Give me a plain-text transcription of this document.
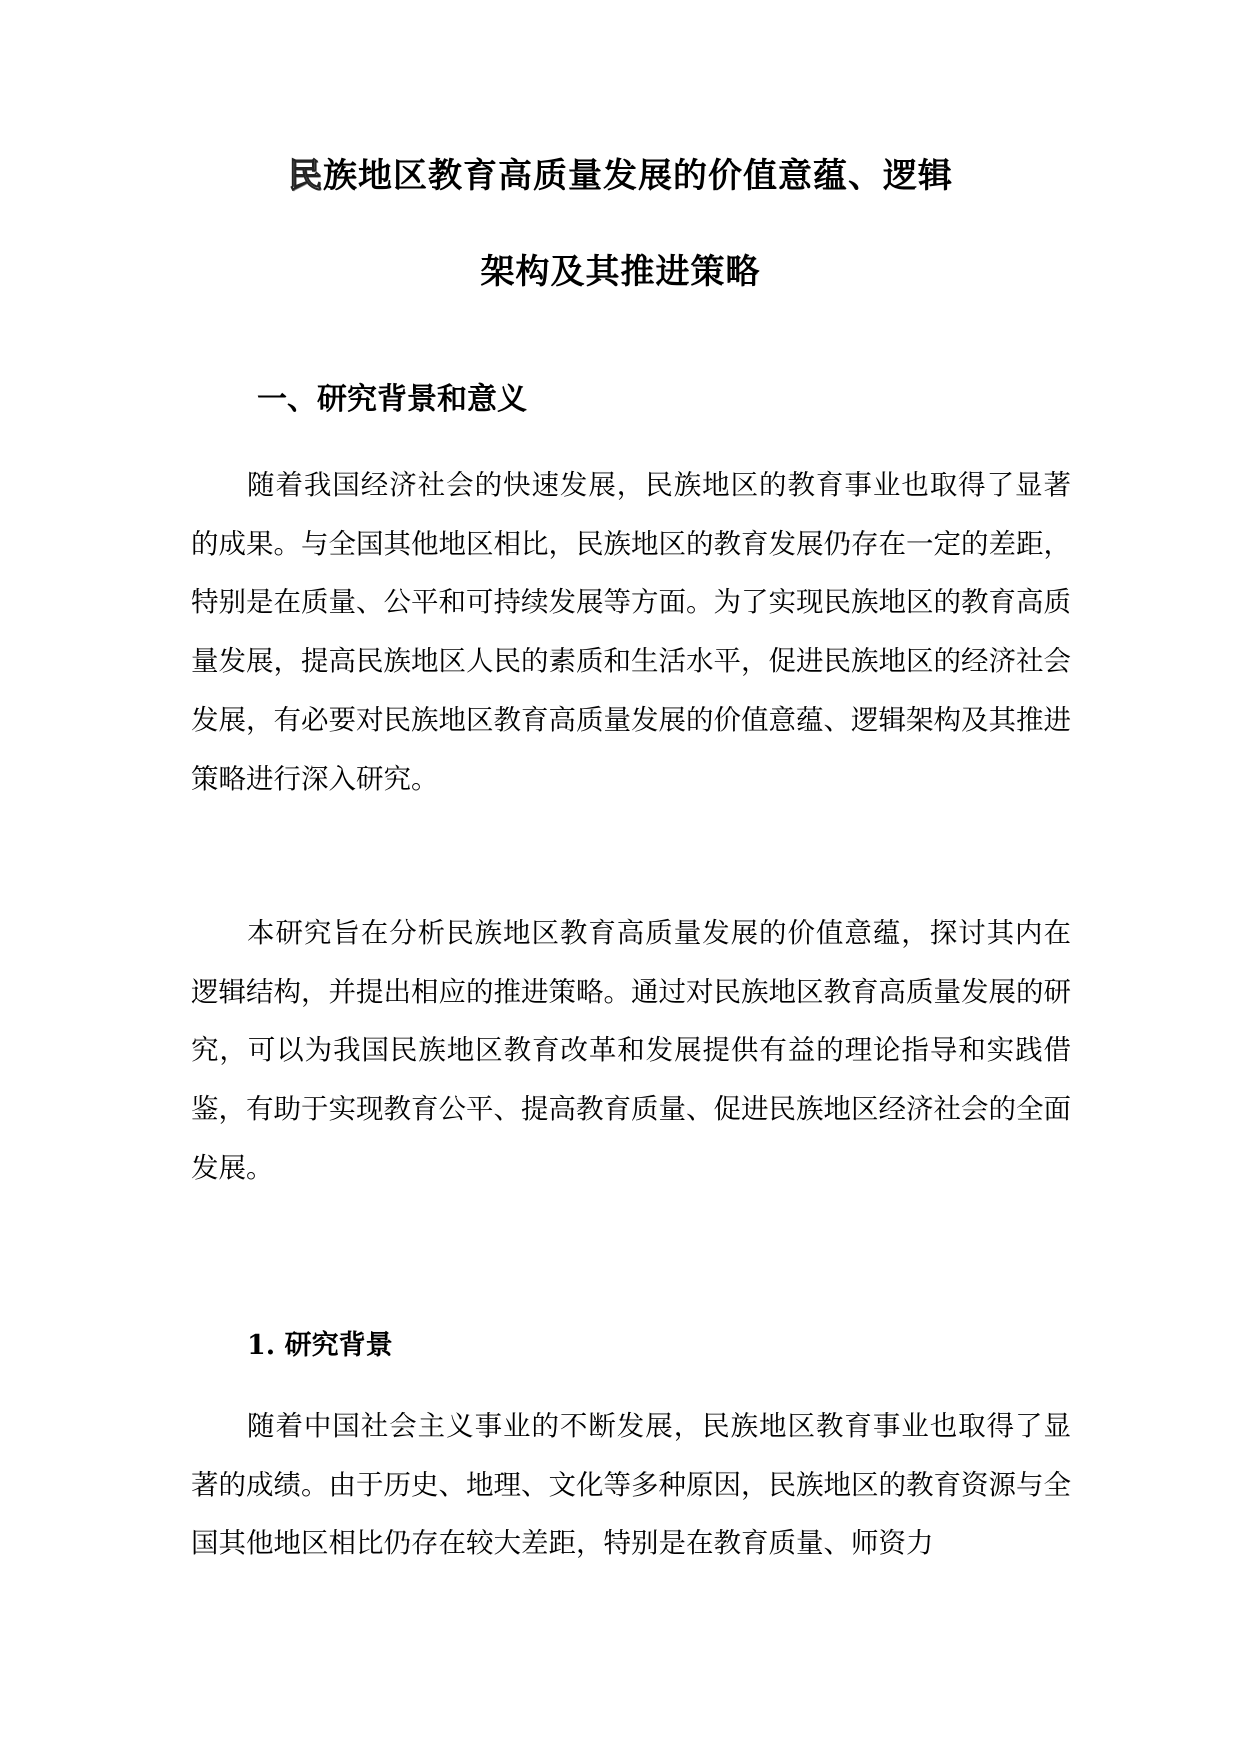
民族地区教育高质量发展的价值意蕴、逻辑
架构及其推进策略
一、研究背景和意义

随着我国经济社会的快速发展，民族地区的教育事业也取得了显著的成果。与全国其他地区相比，民族地区的教育发展仍存在一定的差距，特别是在质量、公平和可持续发展等方面。为了实现民族地区的教育高质量发展，提高民族地区人民的素质和生活水平，促进民族地区的经济社会发展，有必要对民族地区教育高质量发展的价值意蕴、逻辑架构及其推进策略进行深入研究。

本研究旨在分析民族地区教育高质量发展的价值意蕴，探讨其内在逻辑结构，并提出相应的推进策略。通过对民族地区教育高质量发展的研究，可以为我国民族地区教育改革和发展提供有益的理论指导和实践借鉴，有助于实现教育公平、提高教育质量、促进民族地区经济社会的全面发展。

1. 研究背景

随着中国社会主义事业的不断发展，民族地区教育事业也取得了显著的成绩。由于历史、地理、文化等多种原因，民族地区的教育资源与全国其他地区相比仍存在较大差距，特别是在教育质量、师资力
